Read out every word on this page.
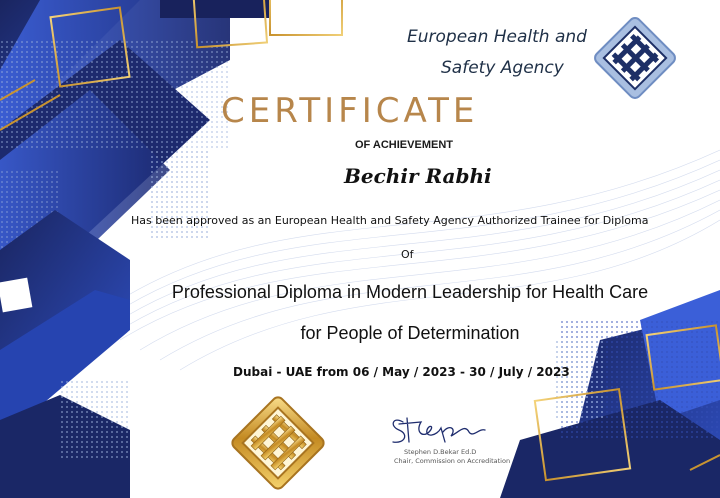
European Health and
Safety Agency
CERTIFICATE
OF ACHIEVEMENT
Bechir Rabhi
Has been approved as an European Health and Safety Agency Authorized Trainee for Diploma
Of
Professional Diploma in Modern Leadership for Health Care
for People of Determination
Dubai - UAE from 06 / May / 2023 - 30 / July / 2023
Stephen D.Bekar Ed.D
Chair, Commission on Accreditation
